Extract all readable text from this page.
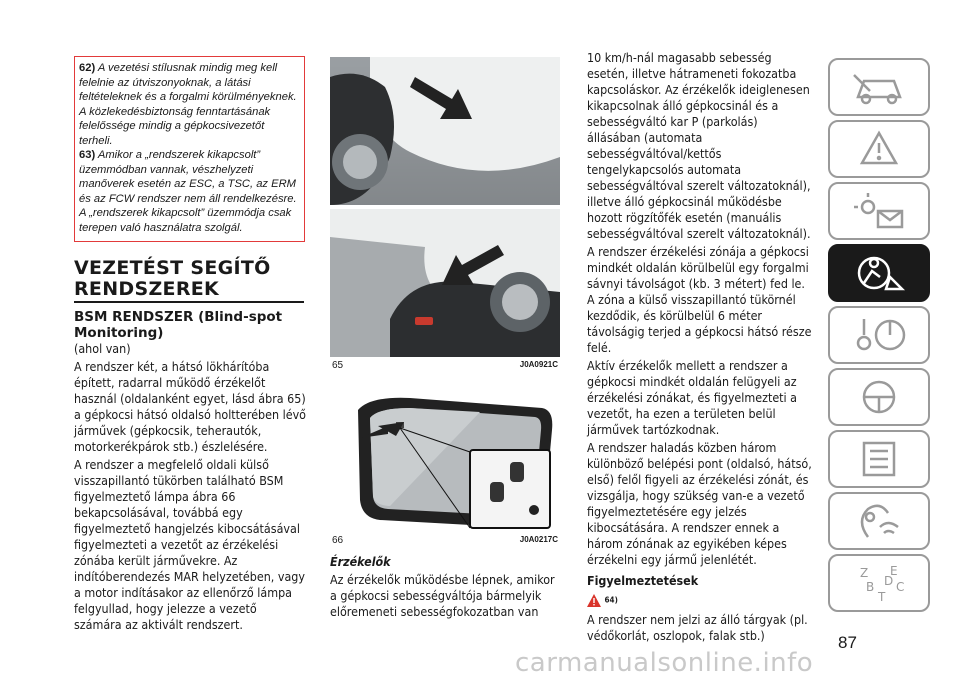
62) A vezetési stílusnak mindig meg kell felelnie az útviszonyoknak, a látási feltételeknek és a forgalmi körülményeknek. A közlekedésbiztonság fenntartásának felelőssége mindig a gépkocsivezetőt terheli.

63) Amikor a „rendszerek kikapcsolt” üzemmódban vannak, vészhelyzeti manőverek esetén az ESC, a TSC, az ERM és az FCW rendszer nem áll rendelkezésre. A „rendszerek kikapcsolt” üzemmódja csak terepen való használatra szolgál.

VEZETÉST SEGÍTŐ
RENDSZEREK
BSM RENDSZER (Blind-spot
Monitoring)

(ahol van)

A rendszer két, a hátsó lökhárítóba épített, radarral működő érzékelőt használ (oldalanként egyet, lásd ábra 65) a gépkocsi hátsó oldalsó holtterében lévő járművek (gépkocsik, teherautók, motorkerékpárok stb.) észlelésére.

A rendszer a megfelelő oldali külső visszapillantó tükörben található BSM figyelmeztető lámpa ábra 66 bekapcsolásával, továbbá egy figyelmeztető hangjelzés kibocsátásával figyelmezteti a vezetőt az érzékelési zónába került járművekre. Az indítóberendezés MAR helyzetében, vagy a motor indításakor az ellenőrző lámpa felgyullad, hogy jelezze a vezető számára az aktivált rendszert.

65	J0A0921C
66	J0A0217C

Érzékelők

Az érzékelők működésbe lépnek, amikor a gépkocsi sebességváltója bármelyik előremeneti sebességfokozatban van

10 km/h-nál magasabb sebesség esetén, illetve hátrameneti fokozatba kapcsoláskor. Az érzékelők ideiglenesen kikapcsolnak álló gépkocsinál és a sebességváltó kar P (parkolás) állásában (automata sebességváltóval/kettős tengelykapcsolós automata sebességváltóval szerelt változatoknál), illetve álló gépkocsinál működésbe hozott rögzítőfék esetén (manuális sebességváltóval szerelt változatoknál).

A rendszer érzékelési zónája a gépkocsi mindkét oldalán körülbelül egy forgalmi sávnyi távolságot (kb. 3 métert) fed le. A zóna a külső visszapillantó tükörnél kezdődik, és körülbelül 6 méter távolságig terjed a gépkocsi hátsó része felé.

Aktív érzékelők mellett a rendszer a gépkocsi mindkét oldalán felügyeli az érzékelési zónákat, és figyelmezteti a vezetőt, ha ezen a területen belül járművek tartózkodnak.

A rendszer haladás közben három különböző belépési pont (oldalsó, hátsó, első) felől figyeli az érzékelési zónát, és vizsgálja, hogy szükség van-e a vezető figyelmeztetésére egy jelzés kibocsátására. A rendszer ennek a három zónának az egyikében képes érzékelni egy jármű jelenlétét.

Figyelmeztetések

64)

A rendszer nem jelzi az álló tárgyak (pl. védőkorlát, oszlopok, falak stb.)

Z E
B C
D
T
87
carmanualsonline.info
